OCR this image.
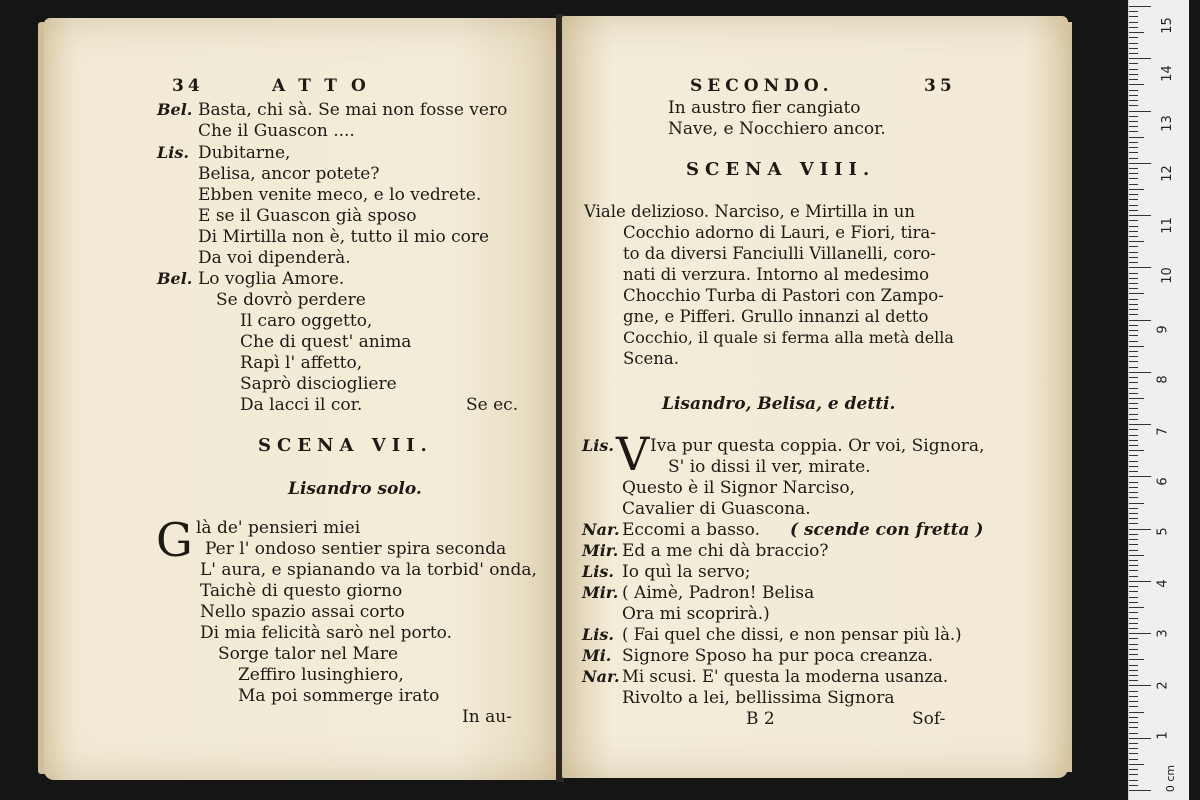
34	ATTO
Bel. Basta, chi sà. Se mai non fosse vero
Che il Guascon ....
Lis. Dubitarne,
Belisa, ancor potete?
Ebben venite meco, e lo vedrete.
E se il Guascon già sposo
Di Mirtilla non è, tutto il mio core
Da voi dipenderà.
Bel. Lo voglia Amore.
Se dovrò perdere
Il caro oggetto,
Che di quest' anima
Rapì l' affetto,
Saprò disciogliere
Da lacci il cor.	Se ec.
SCENA VII.
Lisandro solo.
G là de' pensieri miei
Per l' ondoso sentier spira seconda
L' aura, e spianando va la torbid' onda,
Taichè di questo giorno
Nello spazio assai corto
Di mia felicità sarò nel porto.
Sorge talor nel Mare
Zeffiro lusinghiero,
Ma poi sommerge irato
In au-
SECONDO.	35
In austro fier cangiato
Nave, e Nocchiero ancor.
SCENA VIII.
Viale delizioso. Narciso, e Mirtilla in un
Cocchio adorno di Lauri, e Fiori, tira-
to da diversi Fanciulli Villanelli, coro-
nati di verzura. Intorno al medesimo
Chocchio Turba di Pastori con Zampo-
gne, e Pifferi. Grullo innanzi al detto
Cocchio, il quale si ferma alla metà della
Scena.
Lisandro, Belisa, e detti.
Lis. V Iva pur questa coppia. Or voi, Signora,
S' io dissi il ver, mirate.
Questo è il Signor Narciso,
Cavalier di Guascona.
Nar. Eccomi a basso. ( scende con fretta )
Mir. Ed a me chi dà braccio?
Lis. Io quì la servo;
Mir. ( Aimè, Padron! Belisa
Ora mi scoprirà.)
Lis. ( Fai quel che dissi, e non pensar più là.)
Mi. Signore Sposo ha pur poca creanza.
Nar. Mi scusi. E' questa la moderna usanza.
Rivolto a lei, bellissima Signora
B 2	Sof-
15
14
13
12
11
10
9
8
7
6
5
4
3
2
1
0 cm
